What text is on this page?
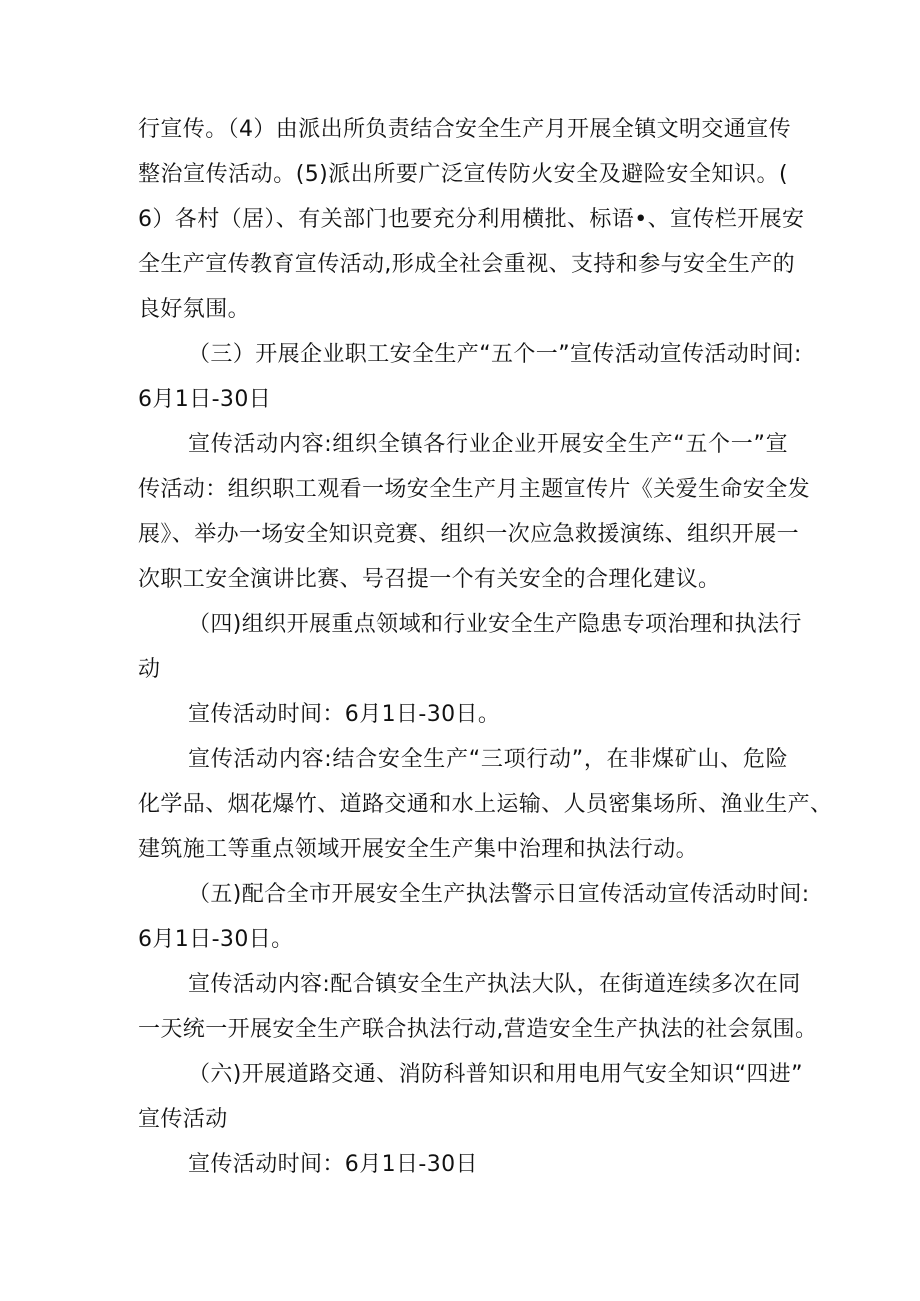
行宣传。（4）由派出所负责结合安全生产月开展全镇文明交通宣传
整治宣传活动。(5)派出所要广泛宣传防火安全及避险安全知识。(
6）各村（居）、有关部门也要充分利用横批、标语•、宣传栏开展安
全生产宣传教育宣传活动,形成全社会重视、支持和参与安全生产的
良好氛围。
（三）开展企业职工安全生产“五个一”宣传活动宣传活动时间:
6月1日-30日
宣传活动内容:组织全镇各行业企业开展安全生产“五个一”宣
传活动：组织职工观看一场安全生产月主题宣传片《关爱生命安全发
展》、举办一场安全知识竞赛、组织一次应急救援演练、组织开展一
次职工安全演讲比赛、号召提一个有关安全的合理化建议。
（四)组织开展重点领域和行业安全生产隐患专项治理和执法行
动
宣传活动时间：6月1日-30日。
宣传活动内容:结合安全生产“三项行动”，在非煤矿山、危险
化学品、烟花爆竹、道路交通和水上运输、人员密集场所、渔业生产、
建筑施工等重点领域开展安全生产集中治理和执法行动。
（五)配合全市开展安全生产执法警示日宣传活动宣传活动时间:
6月1日-30日。
宣传活动内容:配合镇安全生产执法大队，在街道连续多次在同
一天统一开展安全生产联合执法行动,营造安全生产执法的社会氛围。
（六)开展道路交通、消防科普知识和用电用气安全知识“四进”
宣传活动
宣传活动时间：6月1日-30日
